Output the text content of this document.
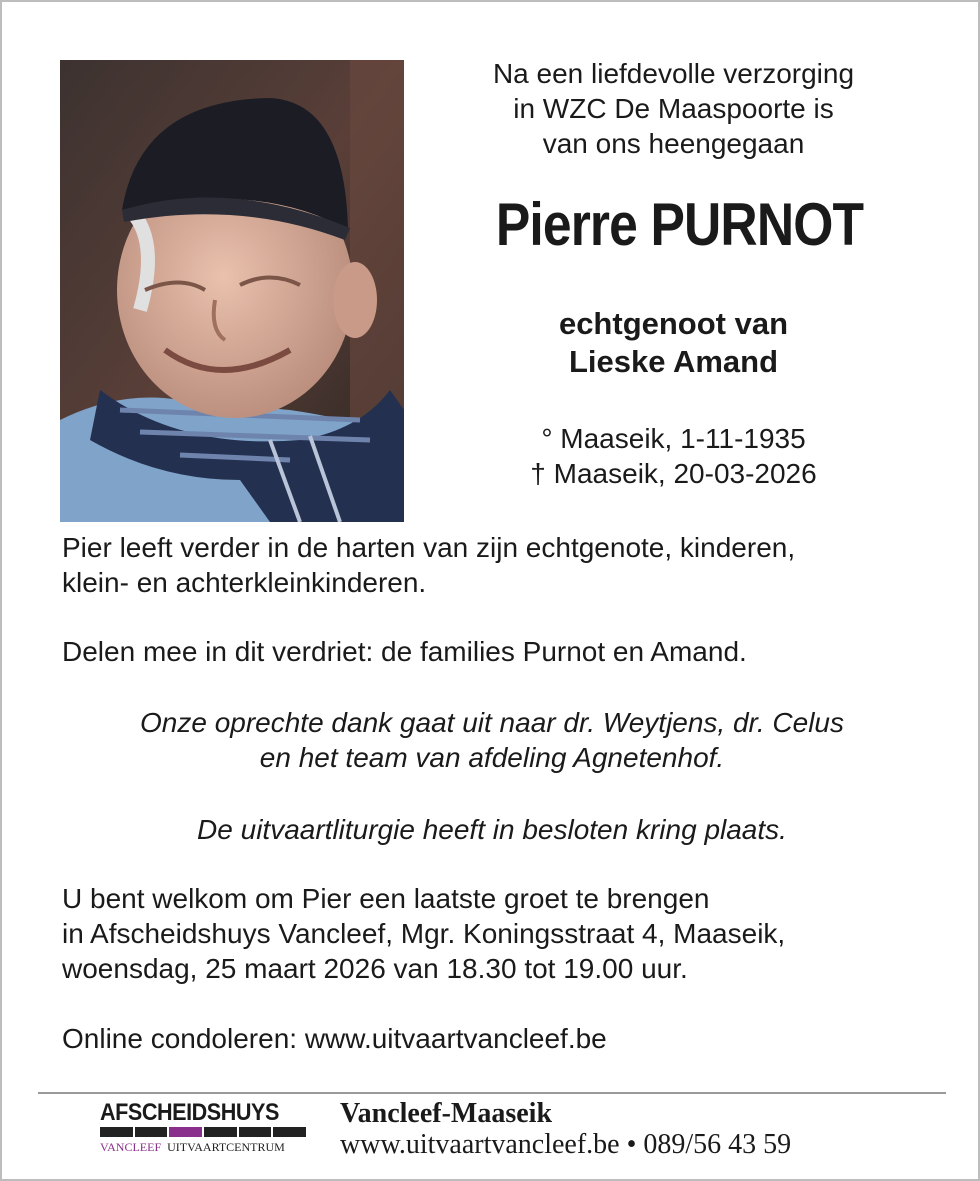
Na een liefdevolle verzorging
in WZC De Maaspoorte is
van ons heengegaan
Pierre PURNOT
echtgenoot van
Lieske Amand
° Maaseik, 1-11-1935
† Maaseik, 20-03-2026
Pier leeft verder in de harten van zijn echtgenote, kinderen,
klein- en achterkleinkinderen.
Delen mee in dit verdriet: de families Purnot en Amand.
Onze oprechte dank gaat uit naar dr. Weytjens, dr. Celus
en het team van afdeling Agnetenhof.
De uitvaartliturgie heeft in besloten kring plaats.
U bent welkom om Pier een laatste groet te brengen
in Afscheidshuys Vancleef, Mgr. Koningsstraat 4, Maaseik,
woensdag, 25 maart 2026 van 18.30 tot 19.00 uur.
Online condoleren: www.uitvaartvancleef.be
AFSCHEIDSHUYS
VANCLEEF UITVAARTCENTRUM
Vancleef-Maaseik
www.uitvaartvancleef.be • 089/56 43 59
